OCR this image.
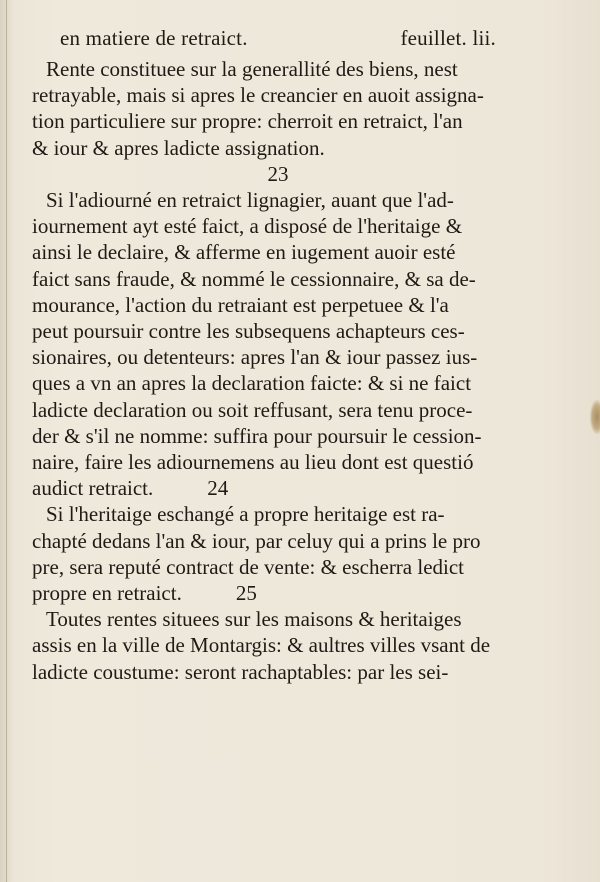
en matiere de retraict.	feuillet. lii.
Rente constituee sur la generallité des biens, nest
retrayable, mais si apres le creancier en auoit assigna-
tion particuliere sur propre: cherroit en retraict, l'an
& iour & apres ladicte assignation.
23
Si l'adiourné en retraict lignagier, auant que l'ad-
iournement ayt esté faict, a disposé de l'heritaige &
ainsi le declaire, & afferme en iugement auoir esté
faict sans fraude, & nommé le cessionnaire, & sa de-
mourance, l'action du retraiant est perpetuee & l'a
peut poursuir contre les subsequens achapteurs ces-
sionaires, ou detenteurs: apres l'an & iour passez ius-
ques a vn an apres la declaration faicte: & si ne faict
ladicte declaration ou soit reffusant, sera tenu proce-
der & s'il ne nomme: suffira pour poursuir le cession-
naire, faire les adiournemens au lieu dont est questió
audict retraict.	24
Si l'heritaige eschangé a propre heritaige est ra-
chapté dedans l'an & iour, par celuy qui a prins le pro
pre, sera reputé contract de vente: & escherra ledict
propre en retraict.	25
Toutes rentes situees sur les maisons & heritaiges
assis en la ville de Montargis: & aultres villes vsant de
ladicte coustume: seront rachaptables: par les sei-
